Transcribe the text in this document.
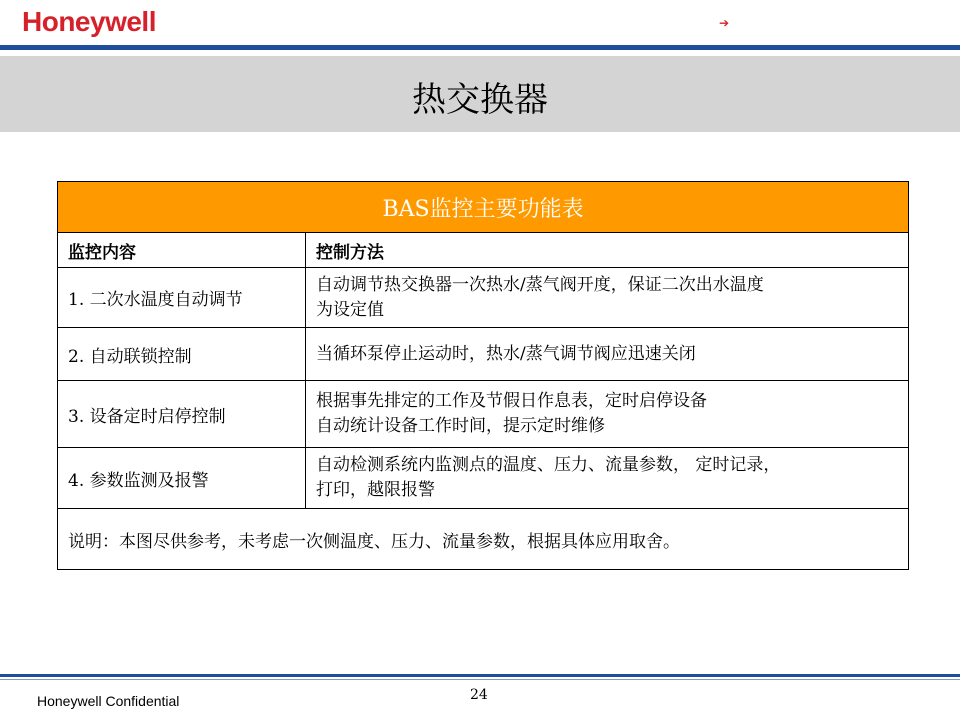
Honeywell	➔
热交换器
BAS监控主要功能表	
监控内容	控制方法
1. 二次水温度自动调节	自动调节热交换器一次热水/蒸气阀开度，保证二次出水温度
为设定值
2. 自动联锁控制	当循环泵停止运动时，热水/蒸气调节阀应迅速关闭
3. 设备定时启停控制	根据事先排定的工作及节假日作息表，定时启停设备
自动统计设备工作时间，提示定时维修
4. 参数监测及报警	自动检测系统内监测点的温度、压力、流量参数， 定时记录，
打印，越限报警
说明：本图尽供参考，未考虑一次侧温度、压力、流量参数，根据具体应用取舍。	
24
Honeywell Confidential
